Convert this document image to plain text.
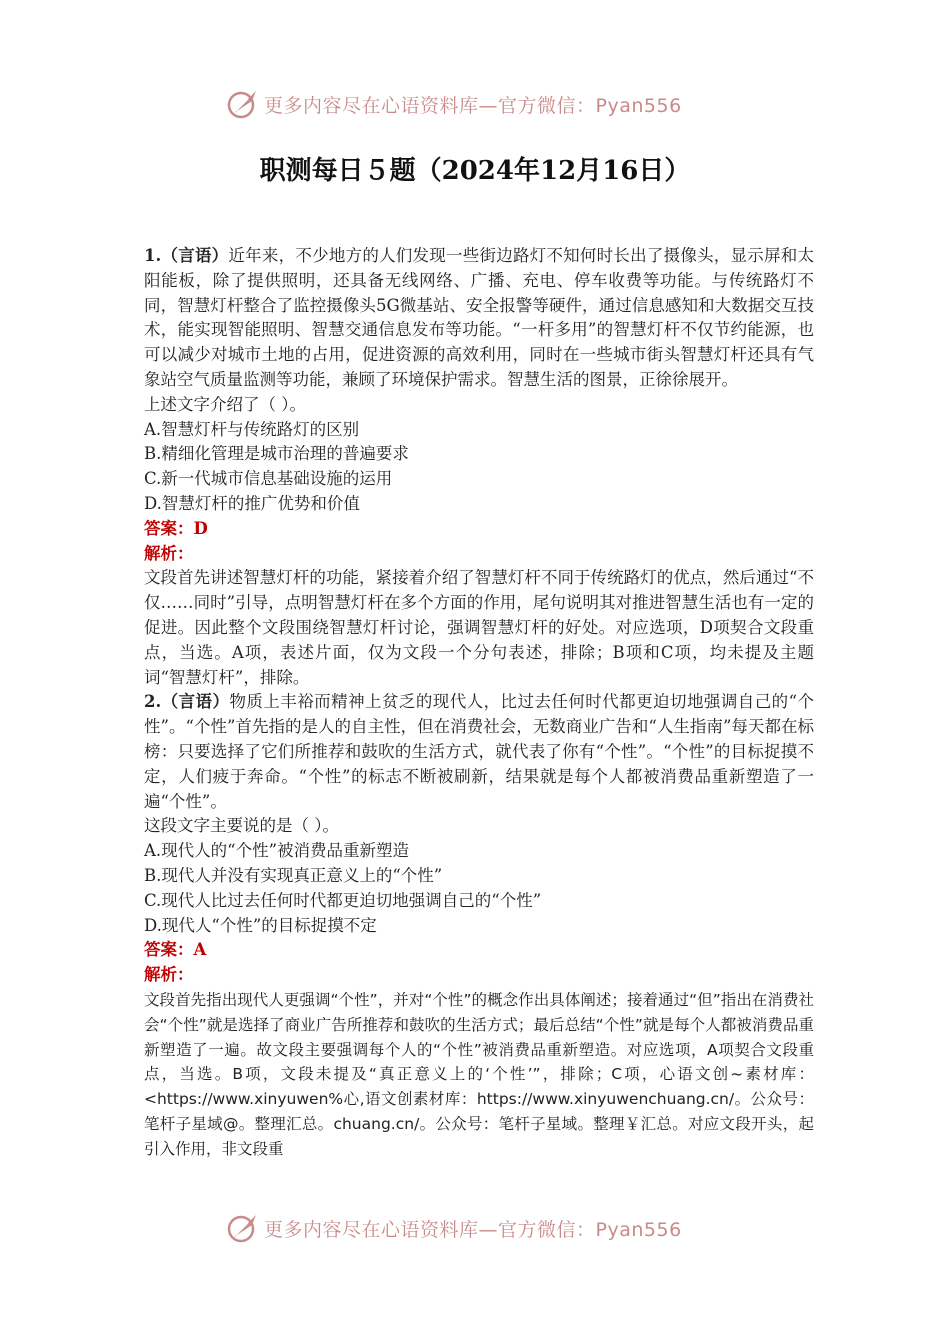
更多内容尽在心语资料库—官方微信：Pyan556
职测每日５题（2024年12月16日）

1.（言语）近年来，不少地方的人们发现一些街边路灯不知何时长出了摄像头，显示屏和太阳能板，除了提供照明，还具备无线网络、广播、充电、停车收费等功能。与传统路灯不同，智慧灯杆整合了监控摄像头5G微基站、安全报警等硬件，通过信息感知和大数据交互技术，能实现智能照明、智慧交通信息发布等功能。“一杆多用”的智慧灯杆不仅节约能源，也可以减少对城市土地的占用，促进资源的高效利用，同时在一些城市街头智慧灯杆还具有气象站空气质量监测等功能，兼顾了环境保护需求。智慧生活的图景，正徐徐展开。

上述文字介绍了（ ）。

A.智慧灯杆与传统路灯的区别

B.精细化管理是城市治理的普遍要求

C.新一代城市信息基础设施的运用

D.智慧灯杆的推广优势和价值

答案：D

解析：

文段首先讲述智慧灯杆的功能，紧接着介绍了智慧灯杆不同于传统路灯的优点，然后通过“不仅……同时”引导，点明智慧灯杆在多个方面的作用，尾句说明其对推进智慧生活也有一定的促进。因此整个文段围绕智慧灯杆讨论，强调智慧灯杆的好处。对应选项，D项契合文段重点，当选。A项，表述片面，仅为文段一个分句表述，排除；B项和C项，均未提及主题词“智慧灯杆”，排除。

2.（言语）物质上丰裕而精神上贫乏的现代人，比过去任何时代都更迫切地强调自己的“个性”。“个性”首先指的是人的自主性，但在消费社会，无数商业广告和“人生指南”每天都在标榜：只要选择了它们所推荐和鼓吹的生活方式，就代表了你有“个性”。“个性”的目标捉摸不定，人们疲于奔命。“个性”的标志不断被刷新，结果就是每个人都被消费品重新塑造了一遍“个性”。

这段文字主要说的是（ ）。

A.现代人的“个性”被消费品重新塑造

B.现代人并没有实现真正意义上的“个性”

C.现代人比过去任何时代都更迫切地强调自己的“个性”

D.现代人“个性”的目标捉摸不定

答案：A

解析：

文段首先指出现代人更强调“个性”，并对“个性”的概念作出具体阐述；接着通过“但”指出在消费社会“个性”就是选择了商业广告所推荐和鼓吹的生活方式；最后总结“个性”就是每个人都被消费品重新塑造了一遍。故文段主要强调每个人的“个性”被消费品重新塑造。对应选项，A项契合文段重点，当选。B项，文段未提及“真正意义上的‘个性’”，排除；C项，心语文创~素材库：<https://www.xinyuwen%心,语文创素材库：https://www.xinyuwenchuang.cn/。公众号：笔杆子星域@。整理汇总。chuang.cn/。公众号：笔杆子星域。整理￥汇总。对应文段开头，起引入作用，非文段重

更多内容尽在心语资料库—官方微信：Pyan556
